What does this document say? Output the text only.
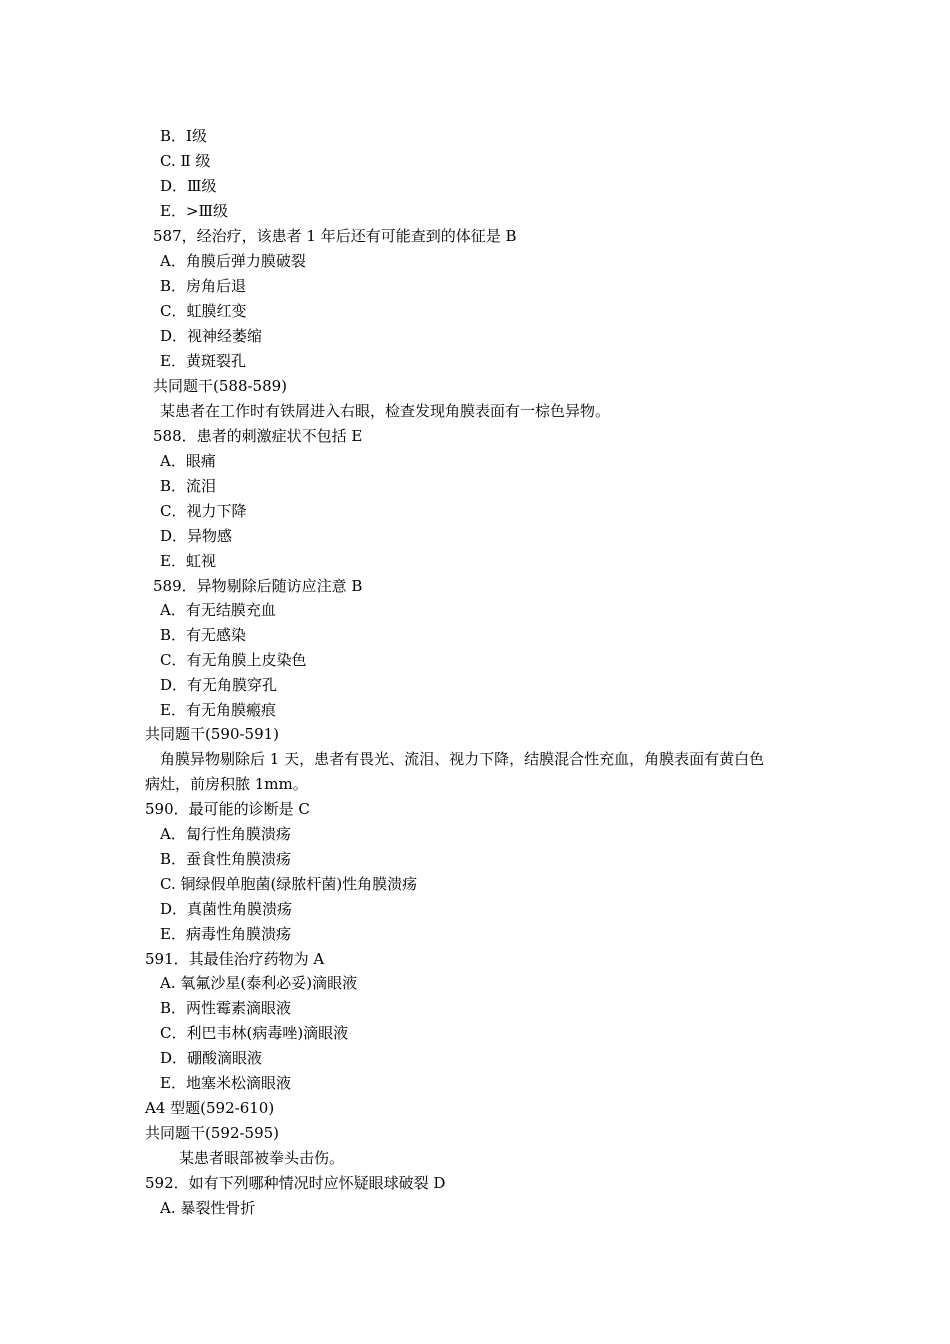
B．Ⅰ级
C. Ⅱ 级
D．Ⅲ级
E．>Ⅲ级
587，经治疗，该患者 1 年后还有可能查到的体征是 B
A．角膜后弹力膜破裂
B．房角后退
C．虹膜红变
D．视神经萎缩
E．黄斑裂孔
共同题干(588-589)
某患者在工作时有铁屑进入右眼，检查发现角膜表面有一棕色异物。
588．患者的刺激症状不包括 E
A．眼痛
B．流泪
C．视力下降
D．异物感
E．虹视
589．异物剔除后随访应注意 B
A．有无结膜充血
B．有无感染
C．有无角膜上皮染色
D．有无角膜穿孔
E．有无角膜瘢痕
共同题干(590-591)
角膜异物剔除后 1 天，患者有畏光、流泪、视力下降，结膜混合性充血，角膜表面有黄白色
病灶，前房积脓 1mm。
590．最可能的诊断是 C
A．匐行性角膜溃疡
B．蚕食性角膜溃疡
C. 铜绿假单胞菌(绿脓杆菌)性角膜溃疡
D．真菌性角膜溃疡
E．病毒性角膜溃疡
591．其最佳治疗药物为 A
A. 氧氟沙星(泰利必妥)滴眼液
B．两性霉素滴眼液
C．利巴韦林(病毒唑)滴眼液
D．硼酸滴眼液
E．地塞米松滴眼液
A4 型题(592-610)
共同题干(592-595)
某患者眼部被拳头击伤。
592．如有下列哪种情况时应怀疑眼球破裂 D
A. 暴裂性骨折
